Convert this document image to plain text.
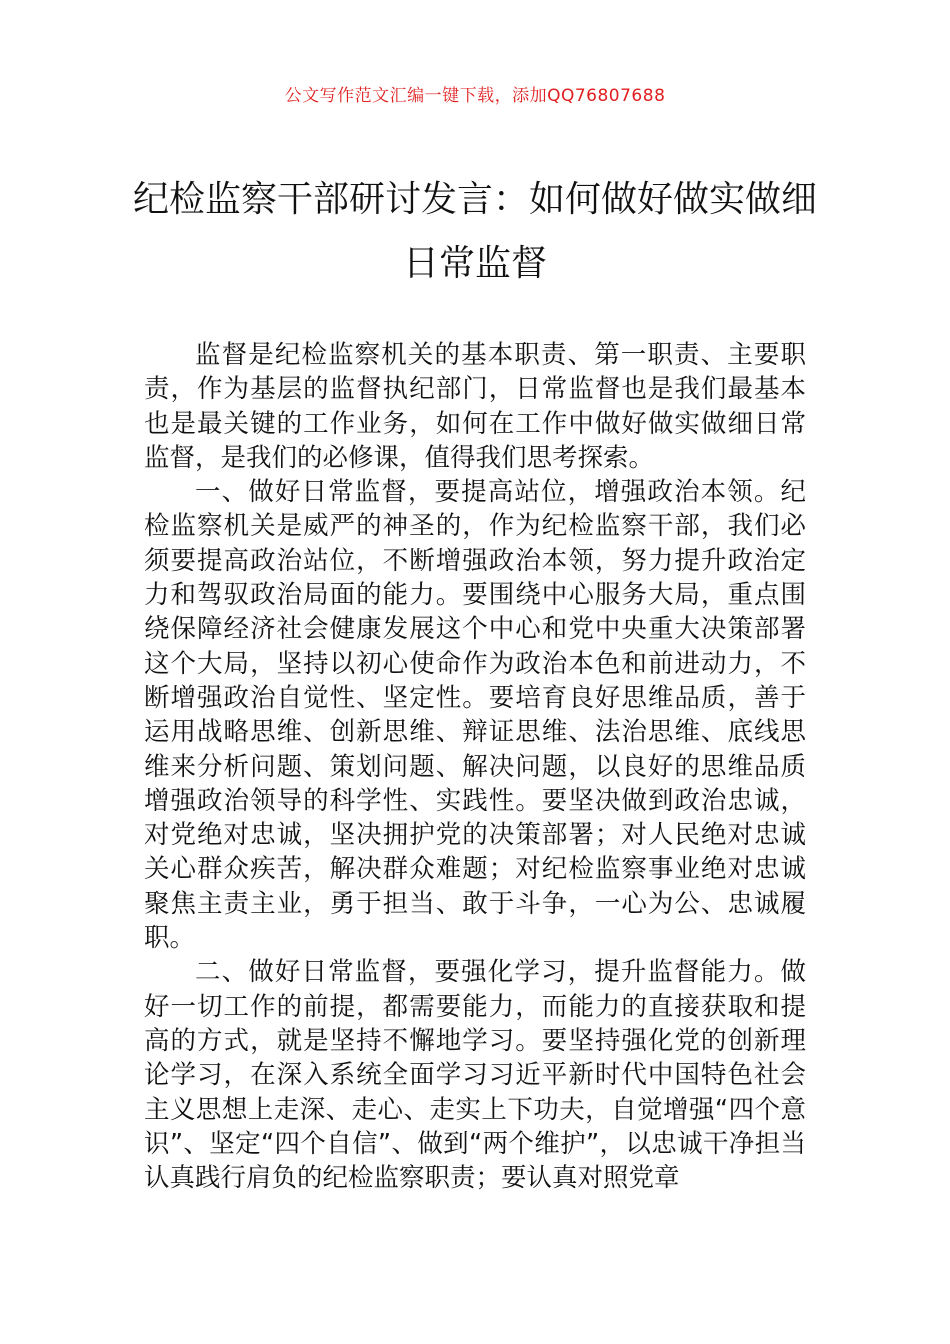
公文写作范文汇编一键下载，添加QQ76807688
纪检监察干部研讨发言：如何做好做实做细日常监督

监督是纪检监察机关的基本职责、第一职责、主要职责，作为基层的监督执纪部门，日常监督也是我们最基本也是最关键的工作业务，如何在工作中做好做实做细日常监督，是我们的必修课，值得我们思考探索。

一、做好日常监督，要提高站位，增强政治本领。纪检监察机关是威严的神圣的，作为纪检监察干部，我们必须要提高政治站位，不断增强政治本领，努力提升政治定力和驾驭政治局面的能力。要围绕中心服务大局，重点围绕保障经济社会健康发展这个中心和党中央重大决策部署这个大局，坚持以初心使命作为政治本色和前进动力，不断增强政治自觉性、坚定性。要培育良好思维品质，善于运用战略思维、创新思维、辩证思维、法治思维、底线思维来分析问题、策划问题、解决问题，以良好的思维品质增强政治领导的科学性、实践性。要坚决做到政治忠诚，对党绝对忠诚，坚决拥护党的决策部署；对人民绝对忠诚关心群众疾苦，解决群众难题；对纪检监察事业绝对忠诚聚焦主责主业，勇于担当、敢于斗争，一心为公、忠诚履职。

二、做好日常监督，要强化学习，提升监督能力。做好一切工作的前提，都需要能力，而能力的直接获取和提高的方式，就是坚持不懈地学习。要坚持强化党的创新理论学习，在深入系统全面学习习近平新时代中国特色社会主义思想上走深、走心、走实上下功夫，自觉增强“四个意识”、坚定“四个自信”、做到“两个维护”，以忠诚干净担当认真践行肩负的纪检监察职责；要认真对照党章
